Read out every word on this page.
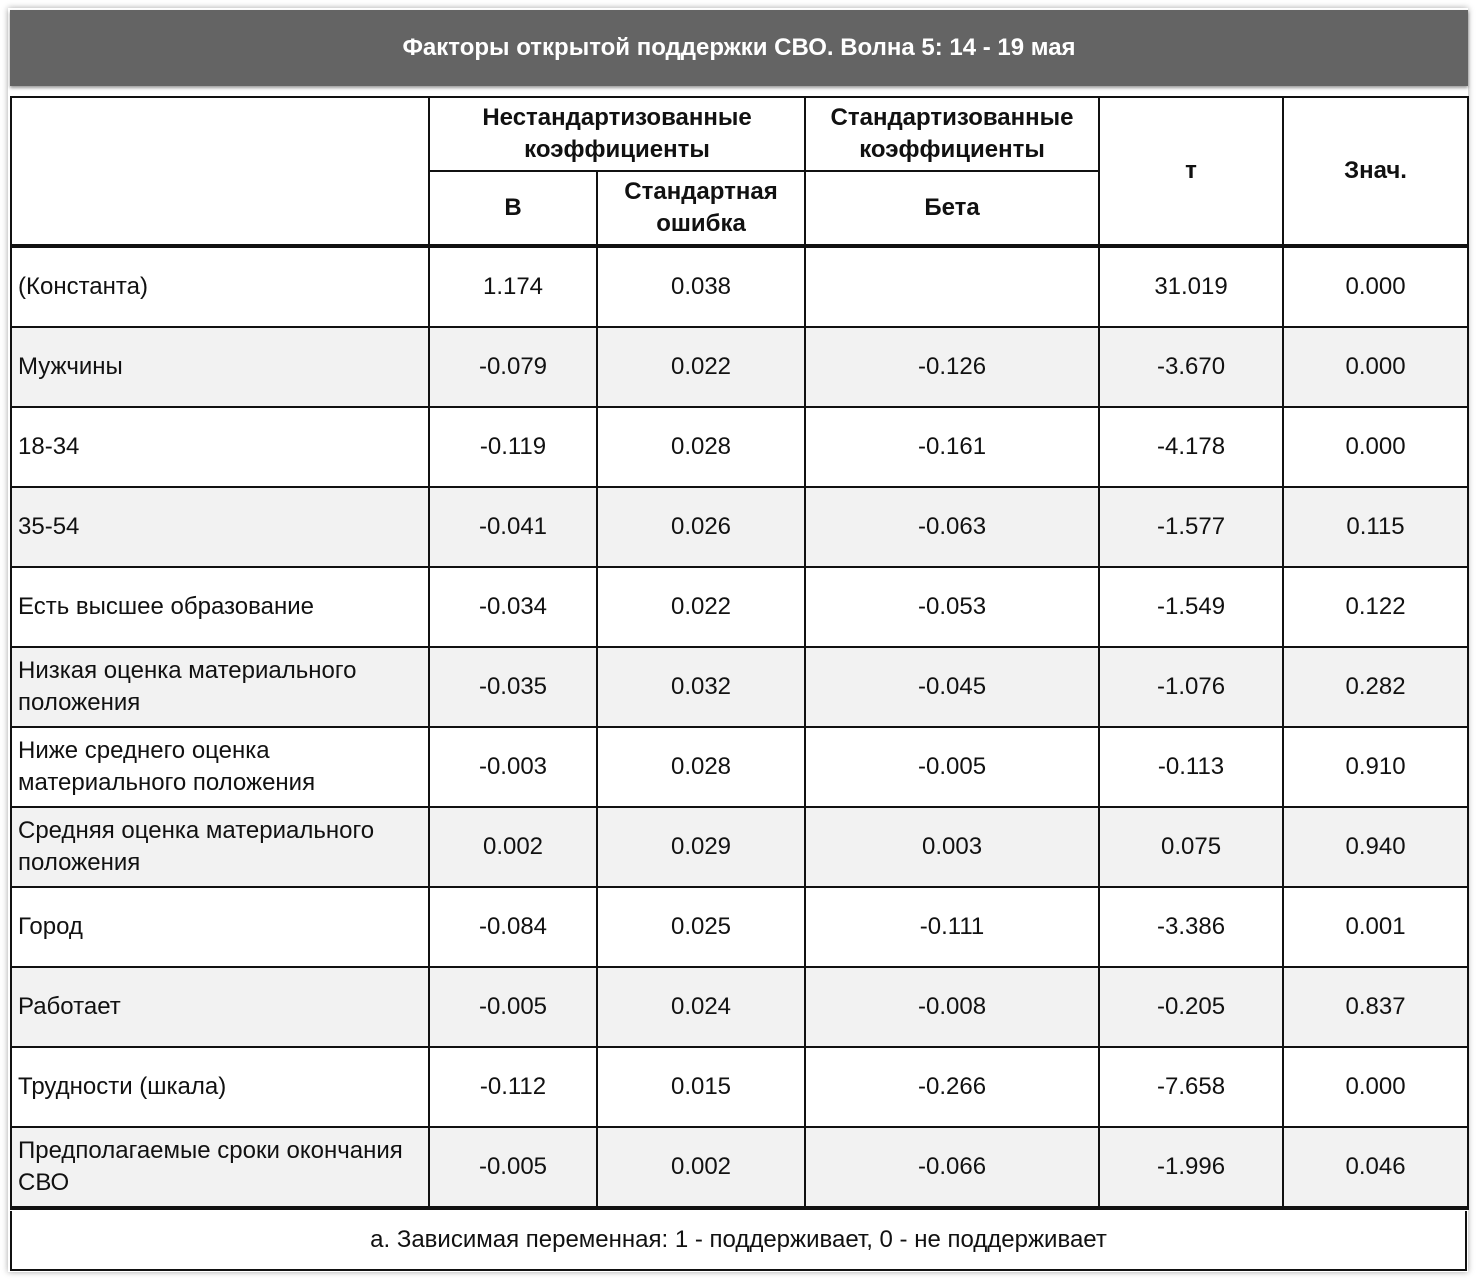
Факторы открытой поддержки СВО. Волна 5: 14 - 19 мая
	Нестандартизованные коэффициенты		Стандартизованные коэффициенты	т	Знач.
	B	Стандартная ошибка	Бета		
(Константа)	1.174	0.038		31.019	0.000
Мужчины	-0.079	0.022	-0.126	-3.670	0.000
18-34	-0.119	0.028	-0.161	-4.178	0.000
35-54	-0.041	0.026	-0.063	-1.577	0.115
Есть высшее образование	-0.034	0.022	-0.053	-1.549	0.122
Низкая оценка материального положения	-0.035	0.032	-0.045	-1.076	0.282
Ниже среднего оценка материального положения	-0.003	0.028	-0.005	-0.113	0.910
Средняя оценка материального положения	0.002	0.029	0.003	0.075	0.940
Город	-0.084	0.025	-0.111	-3.386	0.001
Работает	-0.005	0.024	-0.008	-0.205	0.837
Трудности (шкала)	-0.112	0.015	-0.266	-7.658	0.000
Предполагаемые сроки окончания СВО	-0.005	0.002	-0.066	-1.996	0.046
a. Зависимая переменная: 1 - поддерживает, 0 - не поддерживает
